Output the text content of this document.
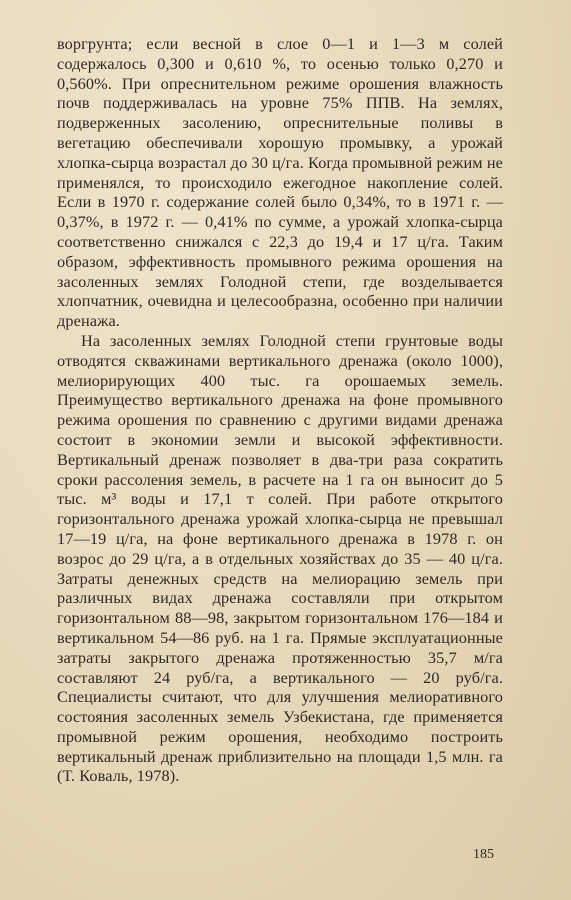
воргрунта; если весной в слое 0—1 и 1—3 м солей содержалось 0,300 и 0,610 %, то осенью только 0,270 и 0,560%. При опреснительном режиме орошения влажность почв поддерживалась на уровне 75% ППВ. На землях, подверженных засолению, опреснительные поливы в вегетацию обеспечивали хорошую промывку, а урожай хлопка-сырца возрастал до 30 ц/га. Когда промывной режим не применялся, то происходило ежегодное накопление солей. Если в 1970 г. содержание солей было 0,34%, то в 1971 г. — 0,37%, в 1972 г. — 0,41% по сумме, а урожай хлопка-сырца соответственно снижался с 22,3 до 19,4 и 17 ц/га. Таким образом, эффективность промывного режима орошения на засоленных землях Голодной степи, где возделывается хлопчатник, очевидна и целесообразна, особенно при наличии дренажа.

На засоленных землях Голодной степи грунтовые воды отводятся скважинами вертикального дренажа (около 1000), мелиорирующих 400 тыс. га орошаемых земель. Преимущество вертикального дренажа на фоне промывного режима орошения по сравнению с другими видами дренажа состоит в экономии земли и высокой эффективности. Вертикальный дренаж позволяет в два-три раза сократить сроки рассоления земель, в расчете на 1 га он выносит до 5 тыс. м³ воды и 17,1 т солей. При работе открытого горизонтального дренажа урожай хлопка-сырца не превышал 17—19 ц/га, на фоне вертикального дренажа в 1978 г. он возрос до 29 ц/га, а в отдельных хозяйствах до 35 — 40 ц/га. Затраты денежных средств на мелиорацию земель при различных видах дренажа составляли при открытом горизонтальном 88—98, закрытом горизонтальном 176—184 и вертикальном 54—86 руб. на 1 га. Прямые эксплуатационные затраты закрытого дренажа протяженностью 35,7 м/га составляют 24 руб/га, а вертикального — 20 руб/га. Специалисты считают, что для улучшения мелиоративного состояния засоленных земель Узбекистана, где применяется промывной режим орошения, необходимо построить вертикальный дренаж приблизительно на площади 1,5 млн. га (Т. Коваль, 1978).

185
